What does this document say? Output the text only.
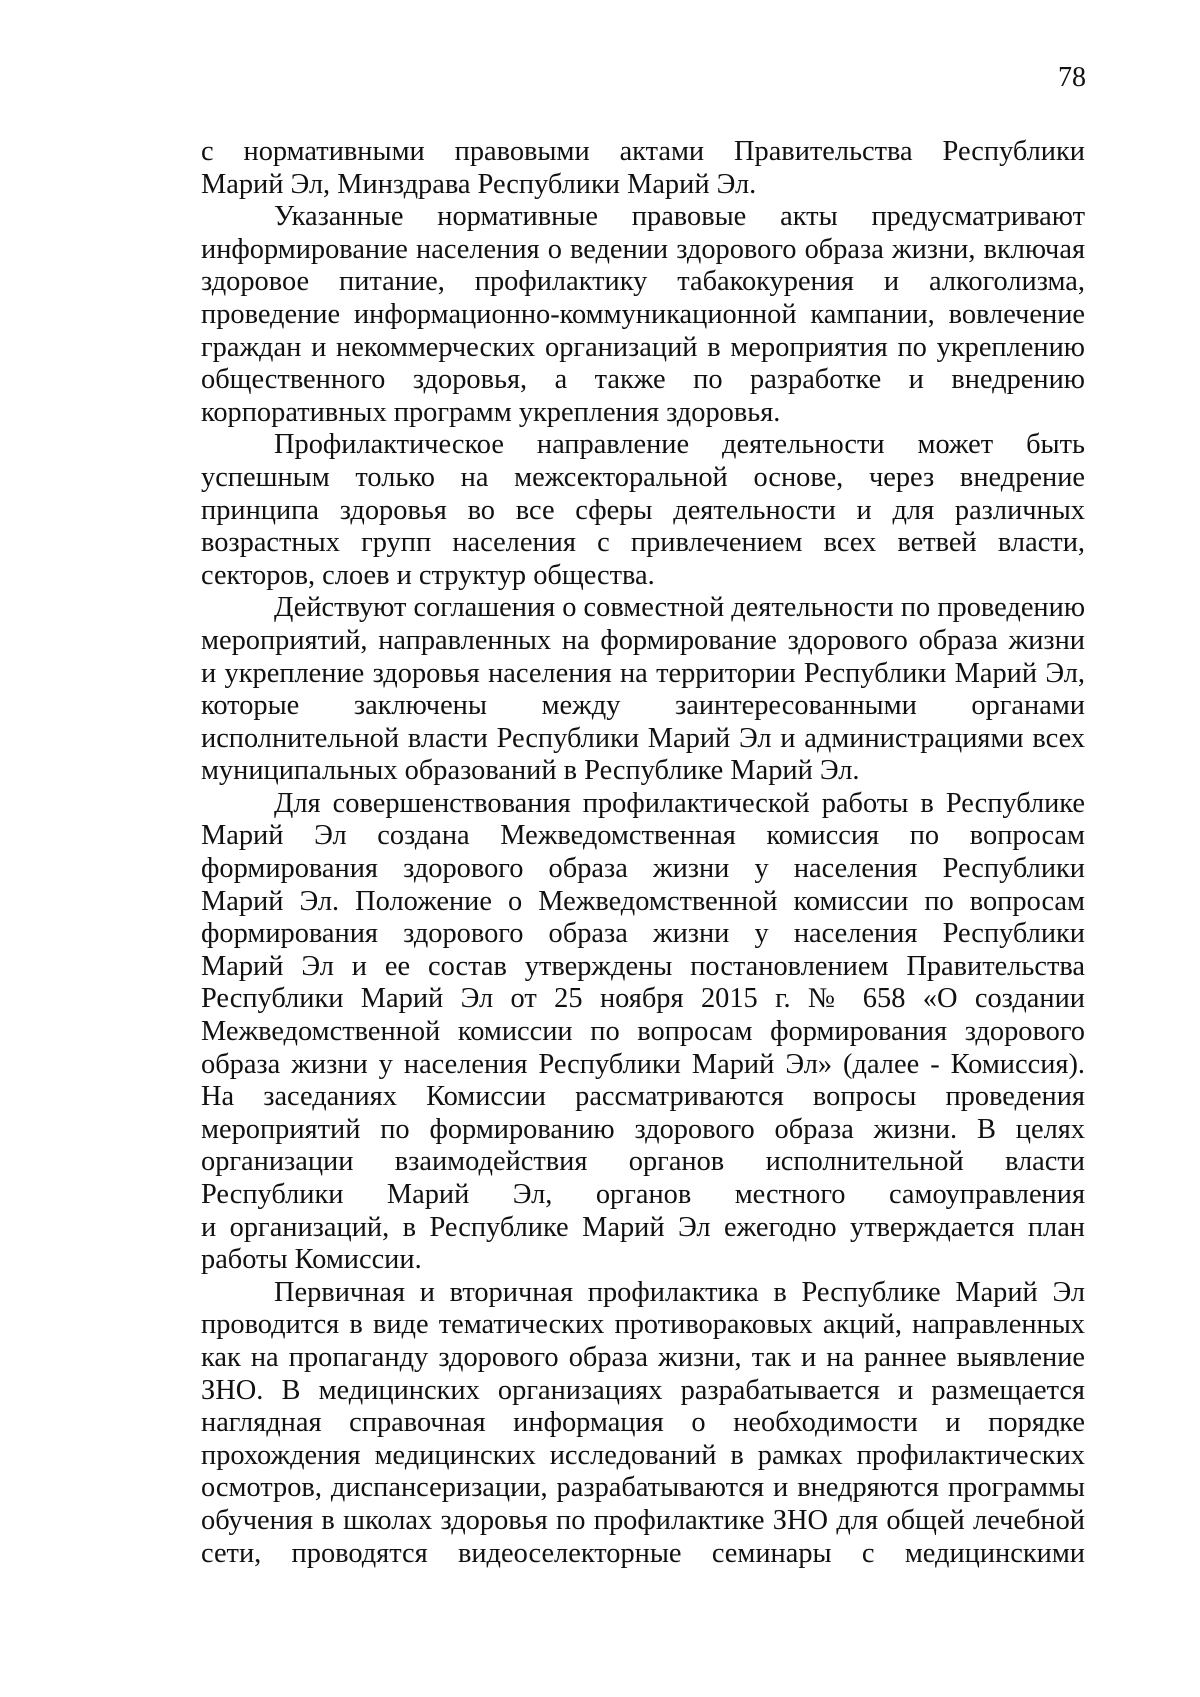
78
с нормативными правовыми актами Правительства Республики
Марий Эл, Минздрава Республики Марий Эл.
Указанные нормативные правовые акты предусматривают
информирование населения о ведении здорового образа жизни, включая
здоровое питание, профилактику табакокурения и алкоголизма,
проведение информационно-коммуникационной кампании, вовлечение
граждан и некоммерческих организаций в мероприятия по укреплению
общественного здоровья, а также по разработке и внедрению
корпоративных программ укрепления здоровья.
Профилактическое направление деятельности может быть
успешным только на межсекторальной основе, через внедрение
принципа здоровья во все сферы деятельности и для различных
возрастных групп населения с привлечением всех ветвей власти,
секторов, слоев и структур общества.
Действуют соглашения о совместной деятельности по проведению
мероприятий, направленных на формирование здорового образа жизни
и укрепление здоровья населения на территории Республики Марий Эл,
которые заключены между заинтересованными органами
исполнительной власти Республики Марий Эл и администрациями всех
муниципальных образований в Республике Марий Эл.
Для совершенствования профилактической работы в Республике
Марий Эл создана Межведомственная комиссия по вопросам
формирования здорового образа жизни у населения Республики
Марий Эл. Положение о Межведомственной комиссии по вопросам
формирования здорового образа жизни у населения Республики
Марий Эл и ее состав утверждены постановлением Правительства
Республики Марий Эл от 25 ноября 2015 г. № 658 «О создании
Межведомственной комиссии по вопросам формирования здорового
образа жизни у населения Республики Марий Эл» (далее - Комиссия).
На заседаниях Комиссии рассматриваются вопросы проведения
мероприятий по формированию здорового образа жизни. В целях
организации взаимодействия органов исполнительной власти
Республики Марий Эл, органов местного самоуправления
и организаций, в Республике Марий Эл ежегодно утверждается план
работы Комиссии.
Первичная и вторичная профилактика в Республике Марий Эл
проводится в виде тематических противораковых акций, направленных
как на пропаганду здорового образа жизни, так и на раннее выявление
ЗНО. В медицинских организациях разрабатывается и размещается
наглядная справочная информация о необходимости и порядке
прохождения медицинских исследований в рамках профилактических
осмотров, диспансеризации, разрабатываются и внедряются программы
обучения в школах здоровья по профилактике ЗНО для общей лечебной
сети, проводятся видеоселекторные семинары с медицинскими
